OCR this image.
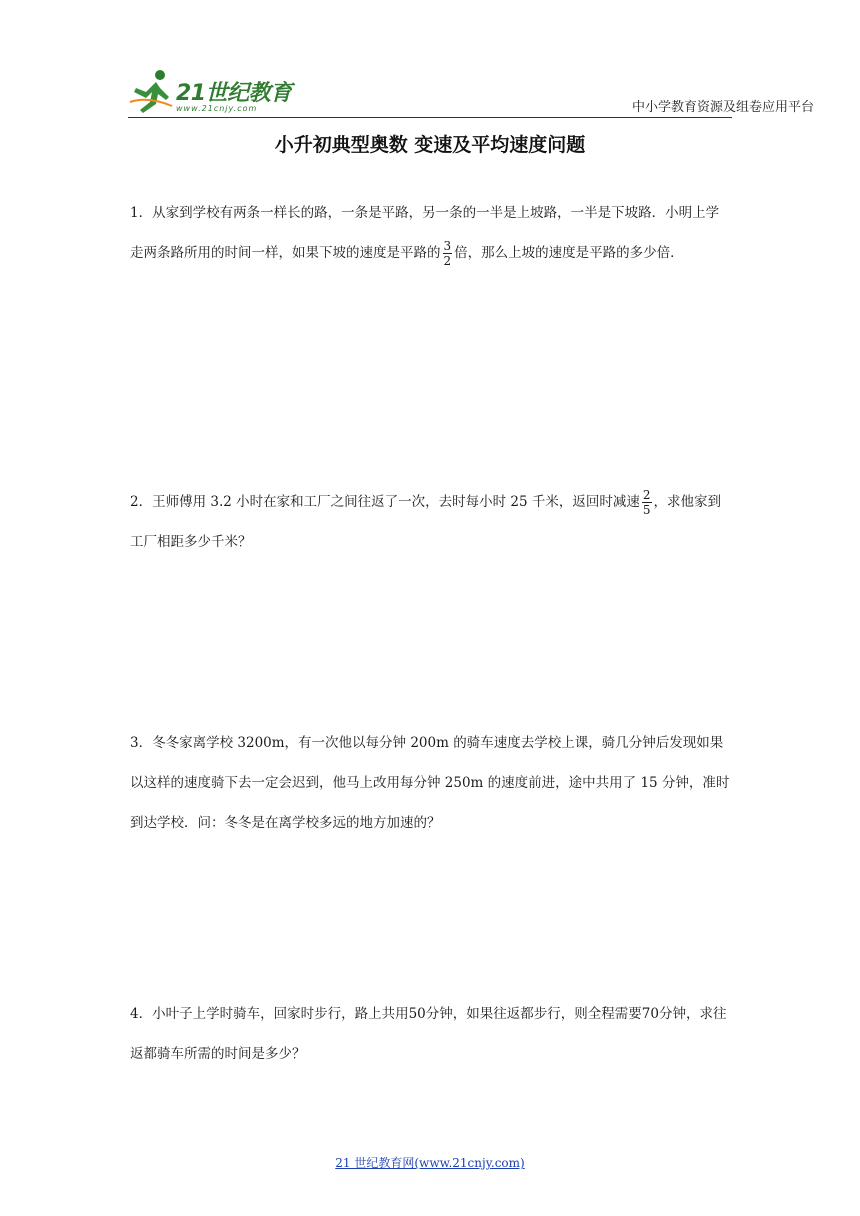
21世纪教育
www.21cnjy.com	中小学教育资源及组卷应用平台
小升初典型奥数 变速及平均速度问题
1．从家到学校有两条一样长的路，一条是平路，另一条的一半是上坡路，一半是下坡路．小明上学走两条路所用的时间一样，如果下坡的速度是平路的 $\frac{3}{2}$ 倍，那么上坡的速度是平路的多少倍．
2．王师傅用 3.2 小时在家和工厂之间往返了一次，去时每小时 25 千米，返回时减速 $\frac{2}{5}$ ，求他家到工厂相距多少千米？
3．冬冬家离学校 3200m，有一次他以每分钟 200m 的骑车速度去学校上课，骑几分钟后发现如果以这样的速度骑下去一定会迟到，他马上改用每分钟 250m 的速度前进，途中共用了 15 分钟，准时到达学校．问：冬冬是在离学校多远的地方加速的？
4．小叶子上学时骑车，回家时步行，路上共用50分钟，如果往返都步行，则全程需要70分钟，求往返都骑车所需的时间是多少？
21 世纪教育网(www.21cnjy.com)
